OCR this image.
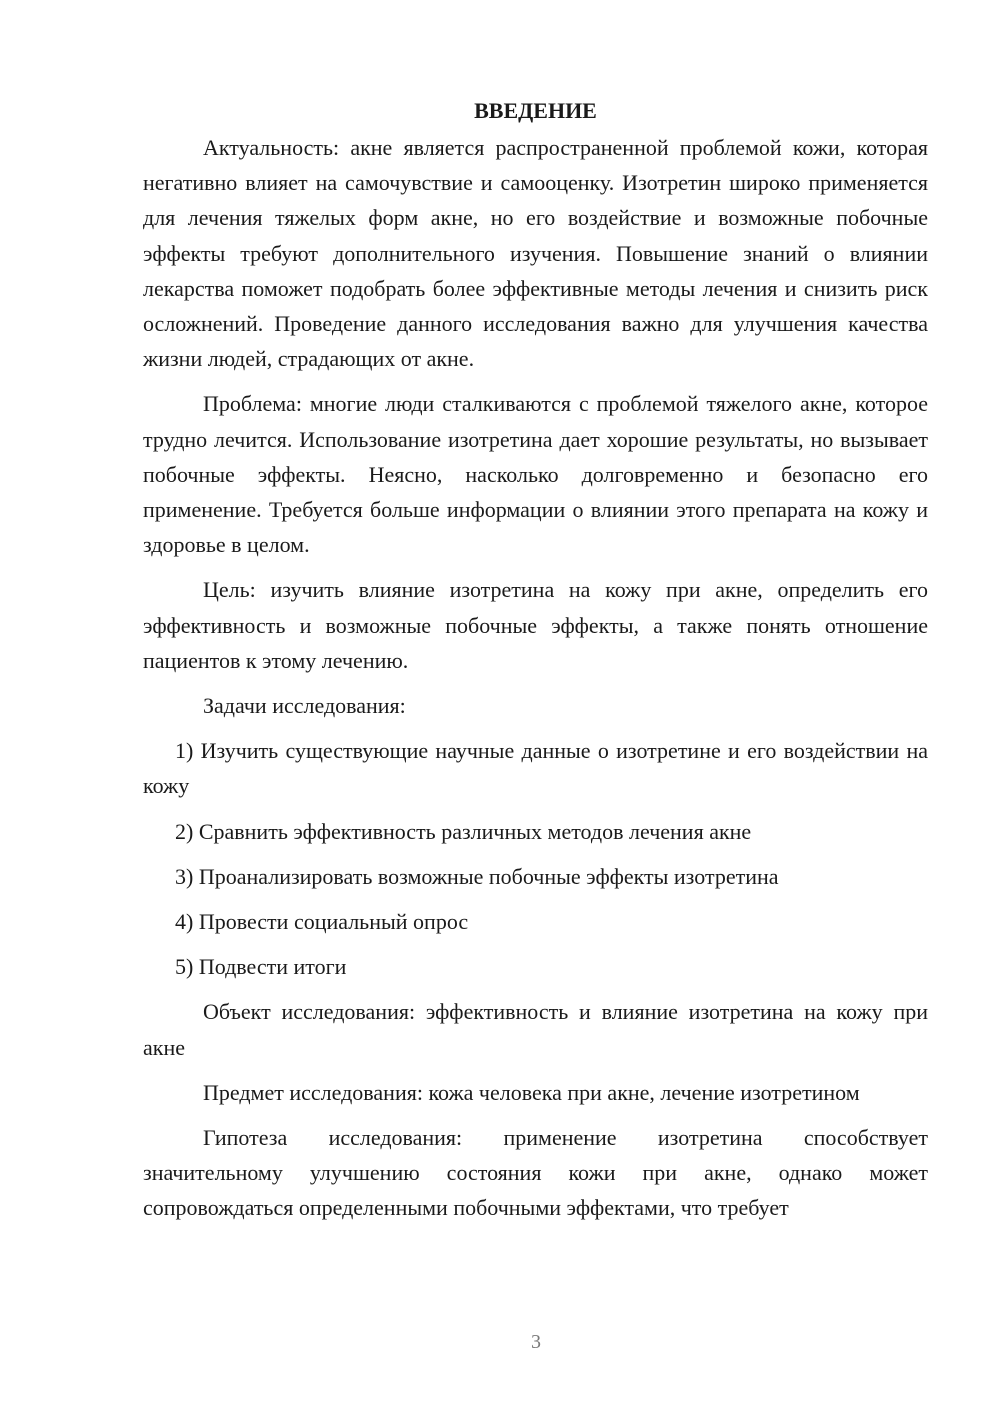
ВВЕДЕНИЕ

Актуальность: акне является распространенной проблемой кожи, которая негативно влияет на самочувствие и самооценку. Изотретин широко применяется для лечения тяжелых форм акне, но его воздействие и возможные побочные эффекты требуют дополнительного изучения. Повышение знаний о влиянии лекарства поможет подобрать более эффективные методы лечения и снизить риск осложнений. Проведение данного исследования важно для улучшения качества жизни людей, страдающих от акне.

Проблема: многие люди сталкиваются с проблемой тяжелого акне, которое трудно лечится. Использование изотретина дает хорошие результаты, но вызывает побочные эффекты. Неясно, насколько долговременно и безопасно его применение. Требуется больше информации о влиянии этого препарата на кожу и здоровье в целом.

Цель: изучить влияние изотретина на кожу при акне, определить его эффективность и возможные побочные эффекты, а также понять отношение пациентов к этому лечению.

Задачи исследования:

1) Изучить существующие научные данные о изотретине и его воздействии на кожу

2) Сравнить эффективность различных методов лечения акне

3) Проанализировать возможные побочные эффекты изотретина

4) Провести социальный опрос

5) Подвести итоги

Объект исследования: эффективность и влияние изотретина на кожу при акне

Предмет исследования: кожа человека при акне, лечение изотретином

Гипотеза исследования: применение изотретина способствует значительному улучшению состояния кожи при акне, однако может сопровождаться определенными побочными эффектами, что требует

3
